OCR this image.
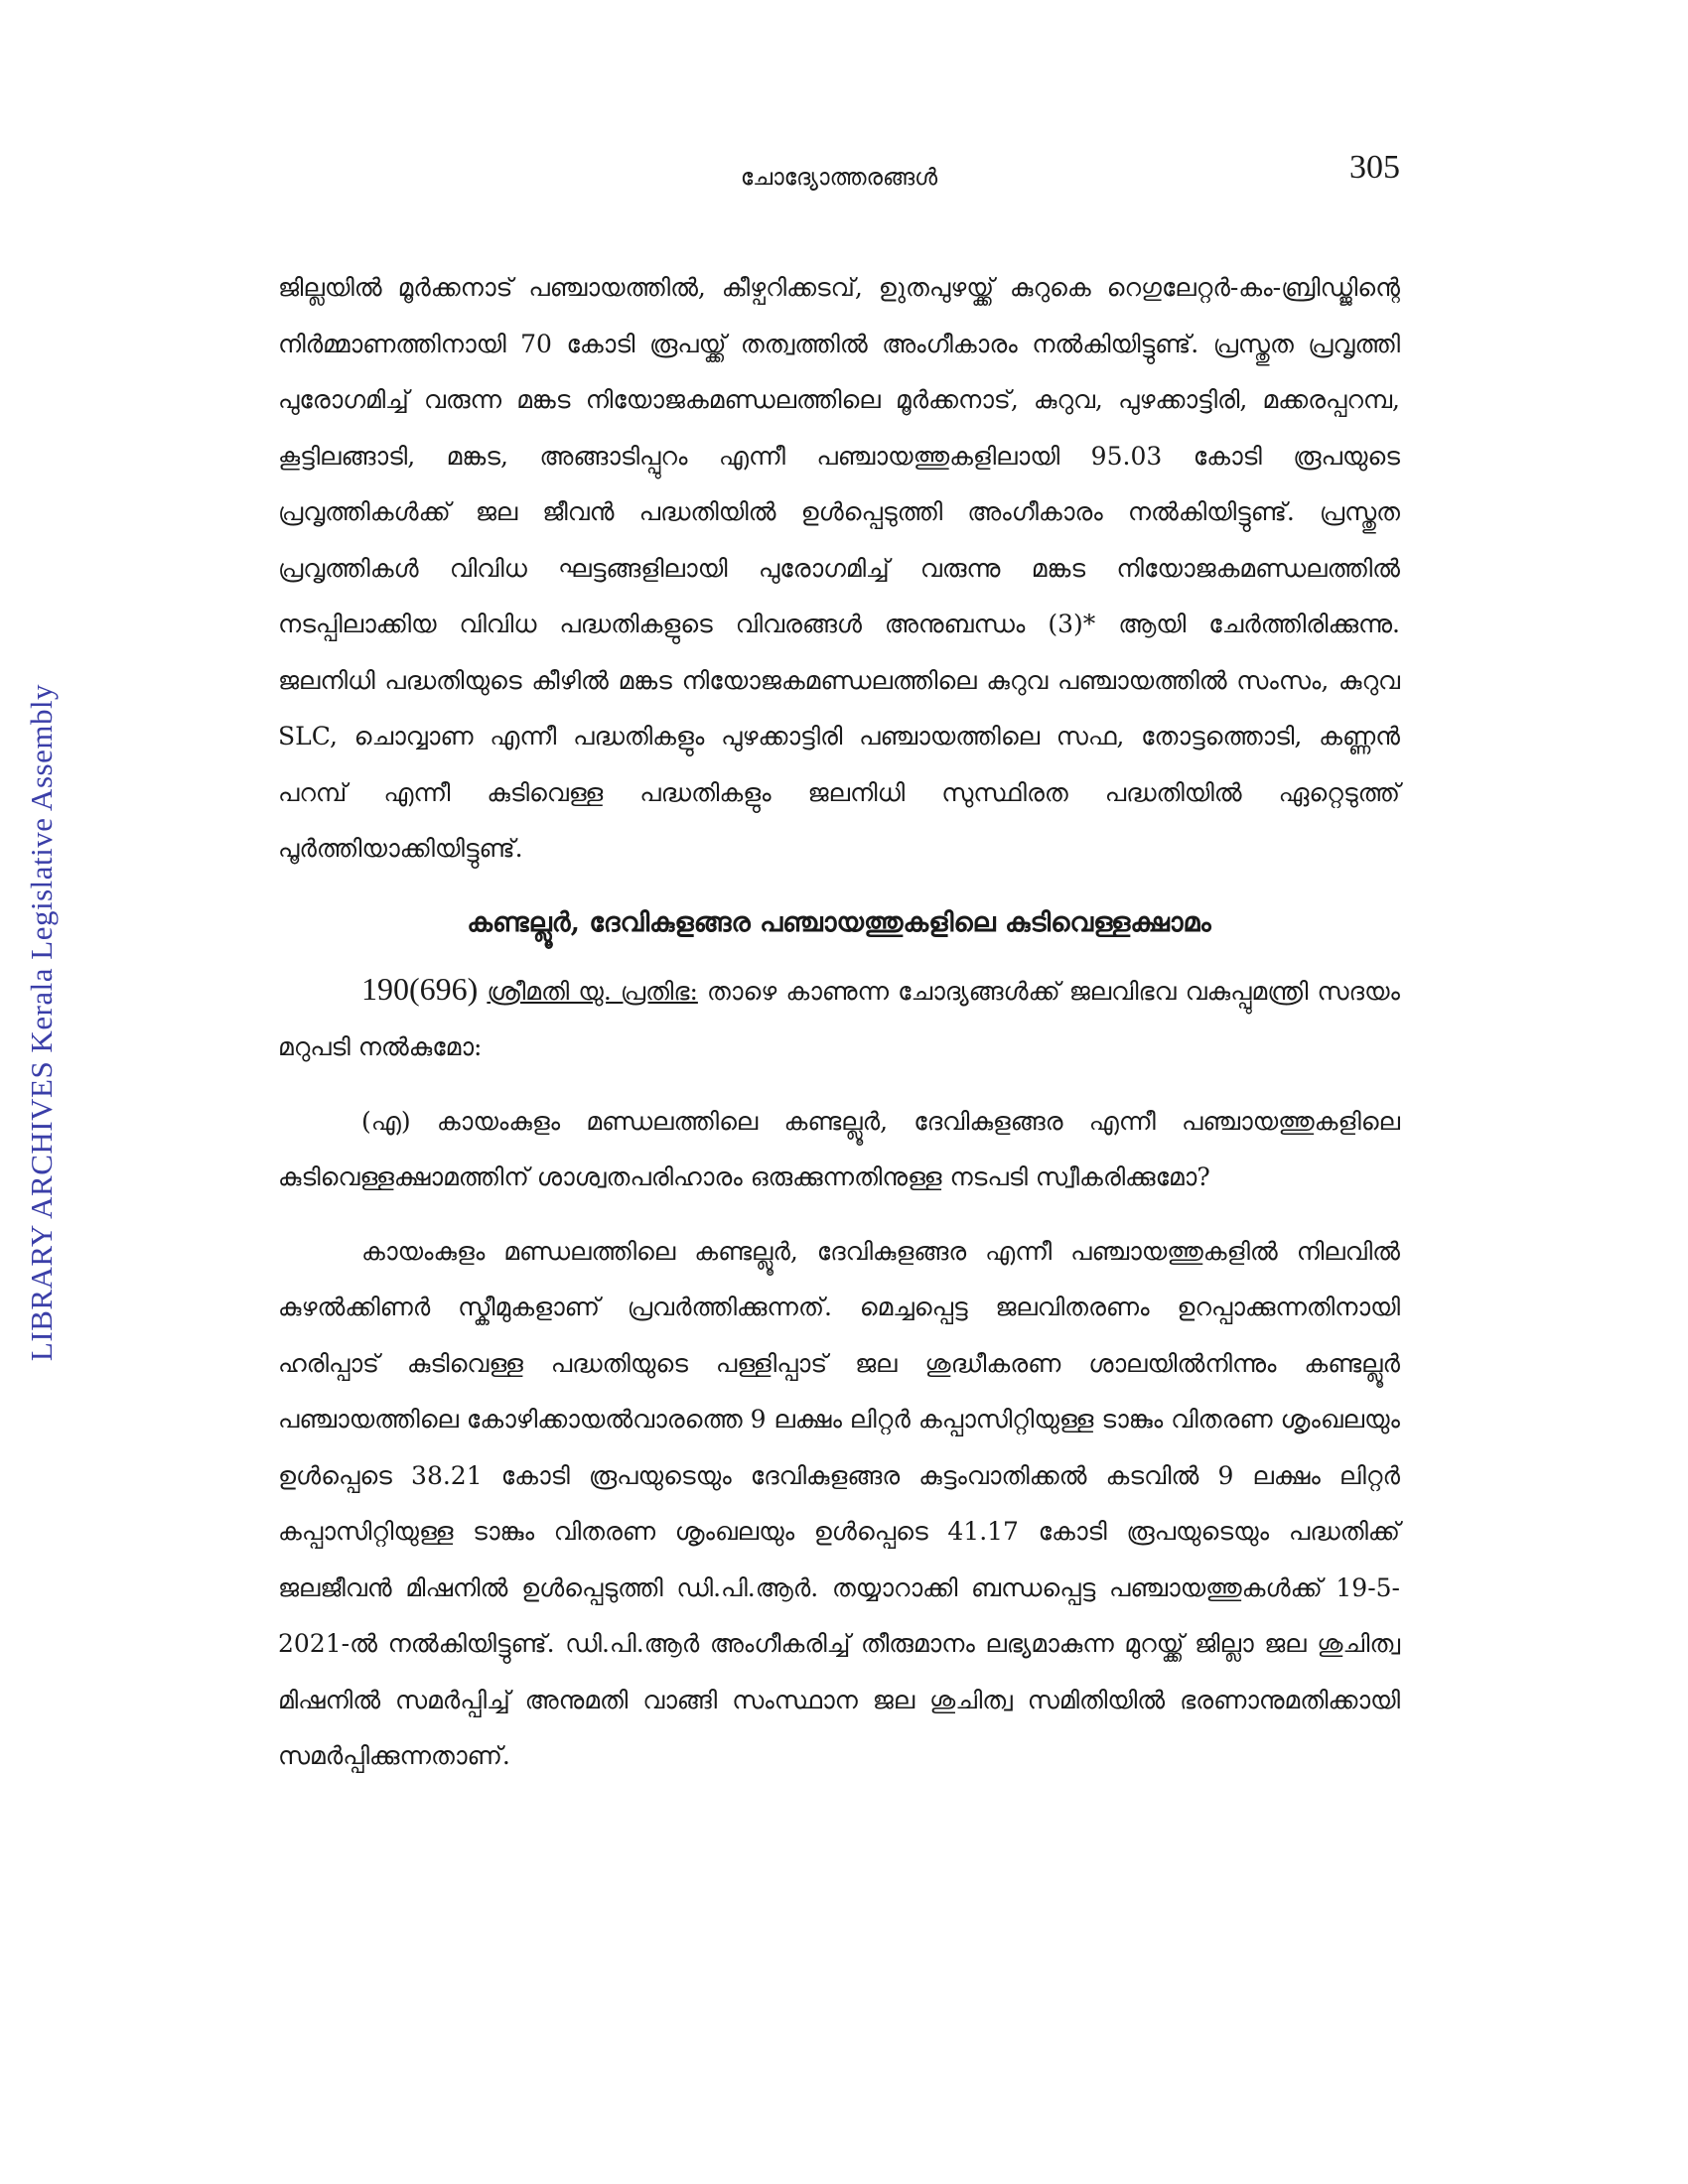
ചോദ്യോത്തരങ്ങൾ	305
LIBRARY ARCHIVES Kerala Legislative Assembly

ജില്ലയിൽ മൂർക്കനാട് പഞ്ചായത്തിൽ, കീഴ്പറിക്കടവ്, ഉുതപുഴയ്ക്ക് കുറുകെ റെഗുലേറ്റർ-കം-ബ്രിഡ്ജിന്റെ നിർമ്മാണത്തിനായി 70 കോടി രൂപയ്ക്ക് തത്വത്തിൽ അംഗീകാരം നൽകിയിട്ടുണ്ട്. പ്രസ്തുത പ്രവൃത്തി പുരോഗമിച്ച് വരുന്ന മങ്കട നിയോജകമണ്ഡലത്തിലെ മൂർക്കനാട്, കുറുവ, പുഴക്കാട്ടിരി, മക്കരപ്പറമ്പ, കൂട്ടിലങ്ങാടി, മങ്കട, അങ്ങാടിപ്പുറം എന്നീ പഞ്ചായത്തുകളിലായി 95.03 കോടി രൂപയുടെ പ്രവൃത്തികൾക്ക് ജല ജീവൻ പദ്ധതിയിൽ ഉൾപ്പെടുത്തി അംഗീകാരം നൽകിയിട്ടുണ്ട്. പ്രസ്തുത പ്രവൃത്തികൾ വിവിധ ഘട്ടങ്ങളിലായി പുരോഗമിച്ച് വരുന്നു മങ്കട നിയോജകമണ്ഡലത്തിൽ നടപ്പിലാക്കിയ വിവിധ പദ്ധതികളുടെ വിവരങ്ങൾ അനുബന്ധം (3)* ആയി ചേർത്തിരിക്കുന്നു. ജലനിധി പദ്ധതിയുടെ കീഴിൽ മങ്കട നിയോജകമണ്ഡലത്തിലെ കുറുവ പഞ്ചായത്തിൽ സംസം, കുറുവ SLC, ചൊവ്വാണ എന്നീ പദ്ധതികളും പുഴക്കാട്ടിരി പഞ്ചായത്തിലെ സഫ, തോട്ടത്തൊടി, കണ്ണൻ പറമ്പ് എന്നീ കുടിവെള്ള പദ്ധതികളും ജലനിധി സുസ്ഥിരത പദ്ധതിയിൽ ഏറ്റെടുത്ത് പൂർത്തിയാക്കിയിട്ടുണ്ട്.

കണ്ടല്ലൂർ, ദേവികുളങ്ങര പഞ്ചായത്തുകളിലെ കുടിവെള്ളക്ഷാമം

190(696) ശ്രീമതി യു. പ്രതിഭ: താഴെ കാണുന്ന ചോദ്യങ്ങൾക്ക് ജലവിഭവ വകുപ്പുമന്ത്രി സദയം മറുപടി നൽകുമോ:

(എ) കായംകുളം മണ്ഡലത്തിലെ കണ്ടല്ലൂർ, ദേവികുളങ്ങര എന്നീ പഞ്ചായത്തുകളിലെ കുടിവെള്ളക്ഷാമത്തിന് ശാശ്വതപരിഹാരം ഒരുക്കുന്നതിനുള്ള നടപടി സ്വീകരിക്കുമോ?

കായംകുളം മണ്ഡലത്തിലെ കണ്ടല്ലൂർ, ദേവികുളങ്ങര എന്നീ പഞ്ചായത്തുകളിൽ നിലവിൽ കുഴൽക്കിണർ സ്കീമുകളാണ് പ്രവർത്തിക്കുന്നത്. മെച്ചപ്പെട്ട ജലവിതരണം ഉറപ്പാക്കുന്നതിനായി ഹരിപ്പാട് കുടിവെള്ള പദ്ധതിയുടെ പള്ളിപ്പാട് ജല ശുദ്ധീകരണ ശാലയിൽനിന്നും കണ്ടല്ലൂർ പഞ്ചായത്തിലെ കോഴിക്കായൽവാരത്തെ 9 ലക്ഷം ലിറ്റർ കപ്പാസിറ്റിയുള്ള ടാങ്കും വിതരണ ശൃംഖലയും ഉൾപ്പെടെ 38.21 കോടി രൂപയുടെയും ദേവികുളങ്ങര കുട്ടംവാതിക്കൽ കടവിൽ 9 ലക്ഷം ലിറ്റർ കപ്പാസിറ്റിയുള്ള ടാങ്കും വിതരണ ശൃംഖലയും ഉൾപ്പെടെ 41.17 കോടി രൂപയുടെയും പദ്ധതിക്ക് ജലജീവൻ മിഷനിൽ ഉൾപ്പെടുത്തി ഡി.പി.ആർ. തയ്യാറാക്കി ബന്ധപ്പെട്ട പഞ്ചായത്തുകൾക്ക് 19-5-2021-ൽ നൽകിയിട്ടുണ്ട്. ഡി.പി.ആർ അംഗീകരിച്ച് തീരുമാനം ലഭ്യമാകുന്ന മുറയ്ക്ക് ജില്ലാ ജല ശുചിത്വ മിഷനിൽ സമർപ്പിച്ച് അനുമതി വാങ്ങി സംസ്ഥാന ജല ശുചിത്വ സമിതിയിൽ ഭരണാനുമതിക്കായി സമർപ്പിക്കുന്നതാണ്.
